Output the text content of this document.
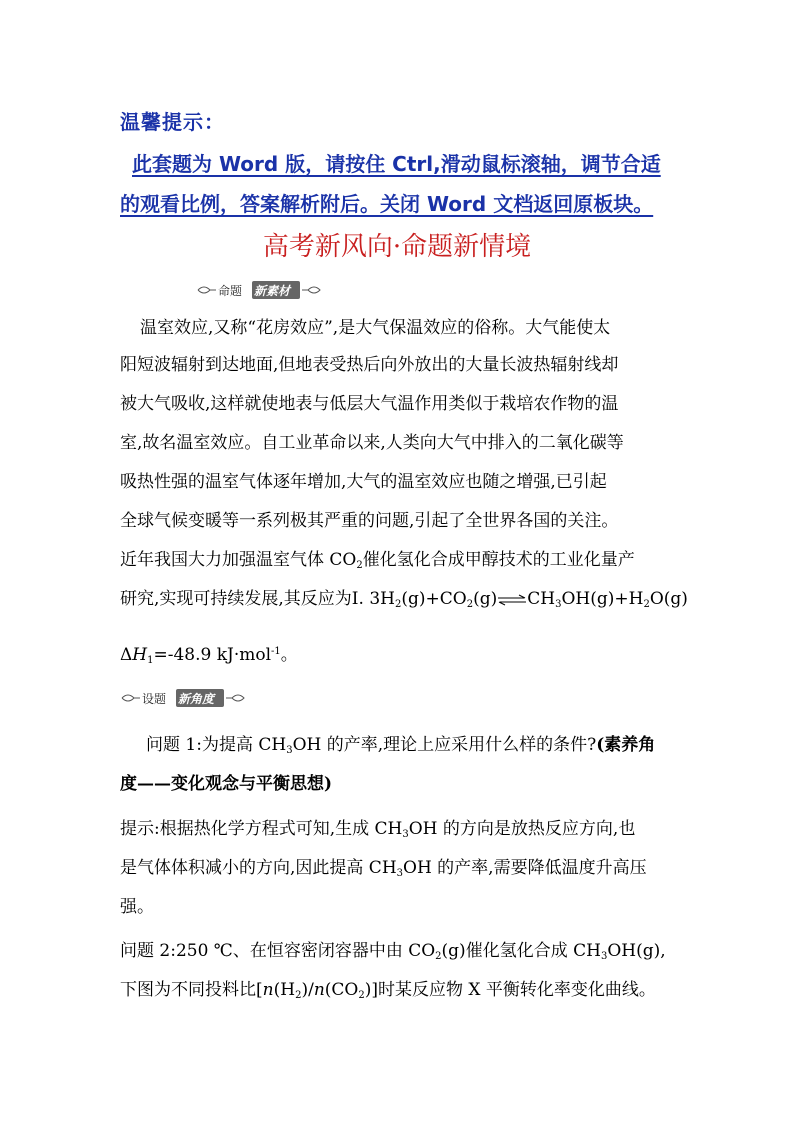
温馨提示：
此套题为 Word 版，请按住 Ctrl,滑动鼠标滚轴，调节合适
的观看比例，答案解析附后。关闭 Word 文档返回原板块。
高考新风向·命题新情境
命题 新素材
温室效应,又称“花房效应”,是大气保温效应的俗称。大气能使太
阳短波辐射到达地面,但地表受热后向外放出的大量长波热辐射线却
被大气吸收,这样就使地表与低层大气温作用类似于栽培农作物的温
室,故名温室效应。自工业革命以来,人类向大气中排入的二氧化碳等
吸热性强的温室气体逐年增加,大气的温室效应也随之增强,已引起
全球气候变暖等一系列极其严重的问题,引起了全世界各国的关注。
近年我国大力加强温室气体 $CO_2$催化氢化合成甲醇技术的工业化量产
研究,实现可持续发展,其反应为Ⅰ. $3H_2(g)+CO_2(g)\rightleftharpoons CH_3OH(g)+H_2O(g)$
$\Delta H_1=-48.9$ kJ·mol$^{-1}$。
设题 新角度
问题 1:为提高 $CH_3OH$ 的产率,理论上应采用什么样的条件?(素养角
度——变化观念与平衡思想)
提示:根据热化学方程式可知,生成 $CH_3OH$ 的方向是放热反应方向,也
是气体体积减小的方向,因此提高 $CH_3OH$ 的产率,需要降低温度升高压
强。
问题 2:250 ℃、在恒容密闭容器中由 $CO_2(g)$催化氢化合成 $CH_3OH(g)$,
下图为不同投料比$[n(H_2)/n(CO_2)]$时某反应物 X 平衡转化率变化曲线。
